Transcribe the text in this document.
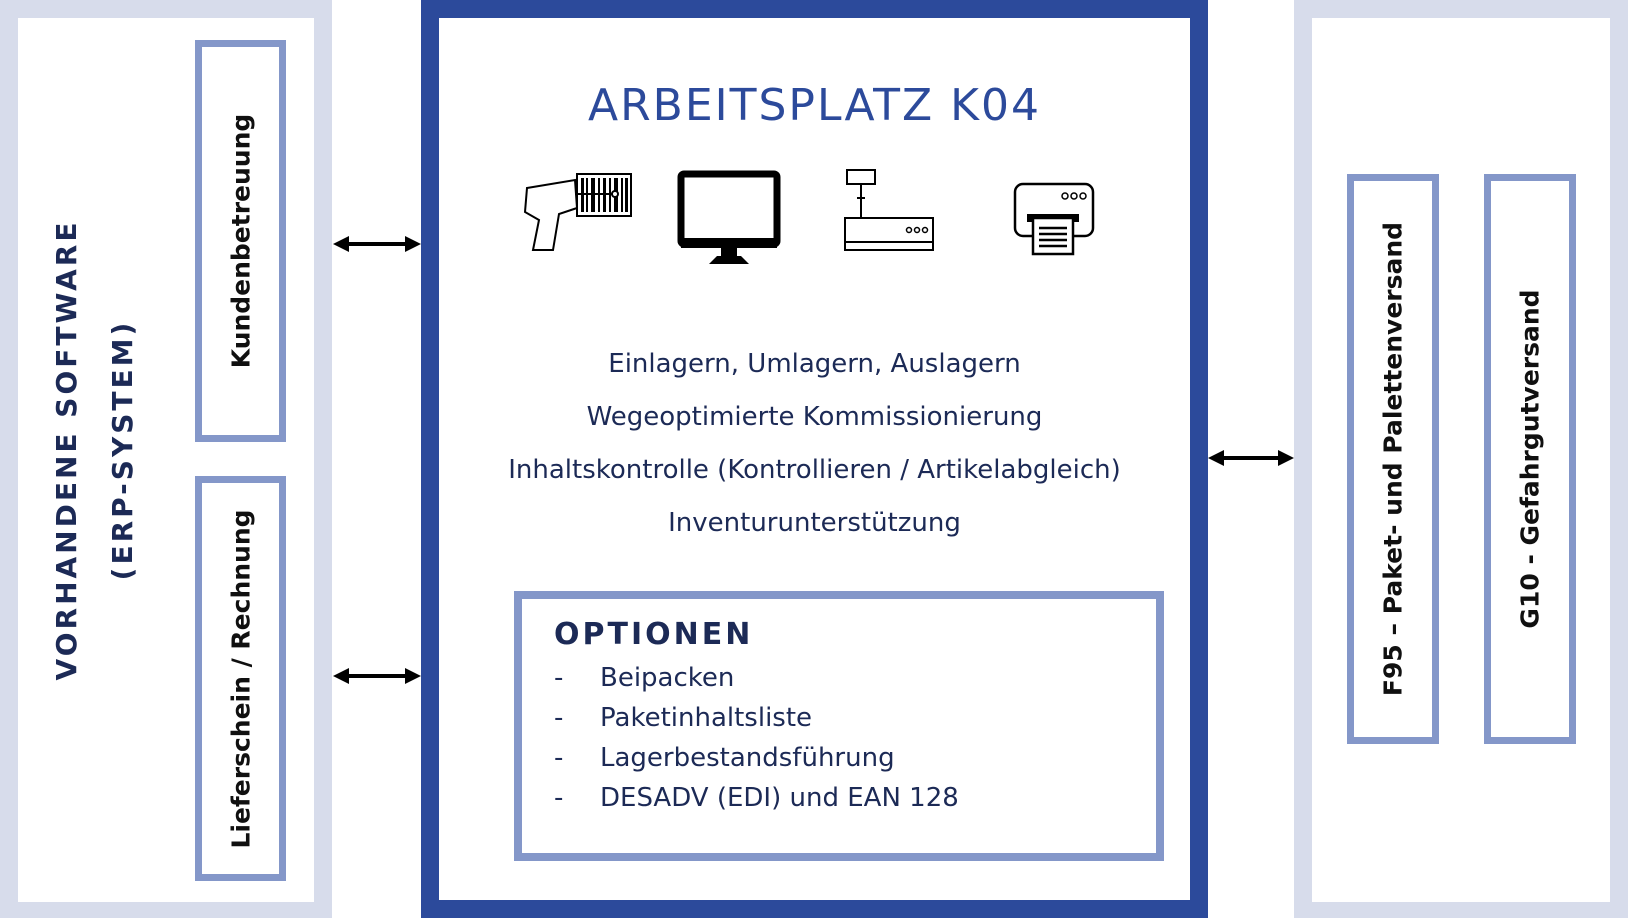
VORHANDENE SOFTWARE (ERP-SYSTEM)
Kundenbetreuung
Lieferschein / Rechnung
ARBEITSPLATZ K04
Einlagern, Umlagern, Auslagern
Wegeoptimierte Kommissionierung
Inhaltskontrolle (Kontrollieren / Artikelabgleich)
Inventurunterstützung
OPTIONEN
-	Beipacken
-	Paketinhaltsliste
-	Lagerbestandsführung
-	DESADV (EDI) und EAN 128
F95 – Paket- und Palettenversand	G10 - Gefahrgutversand
